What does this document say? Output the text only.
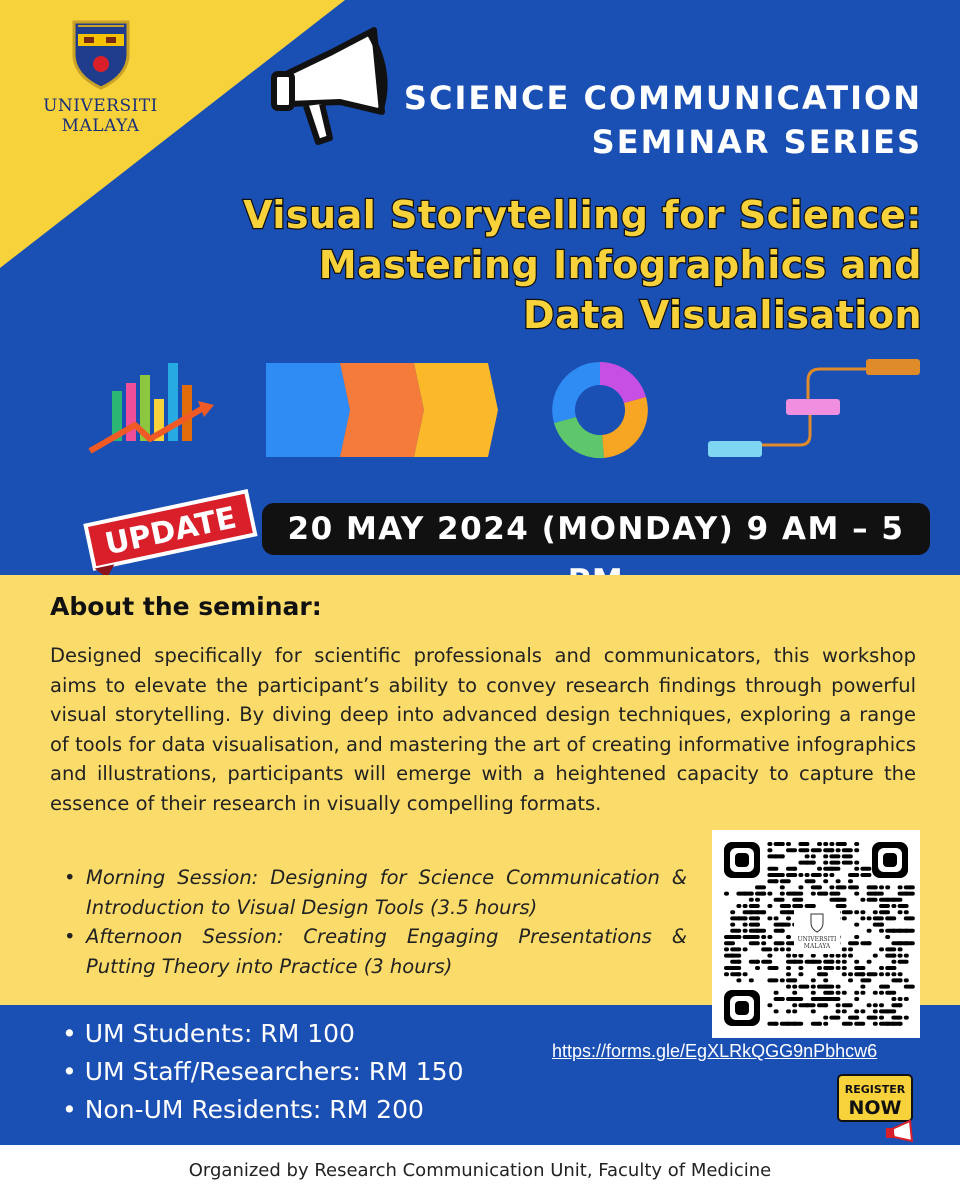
UNIVERSITI
MALAYA
SCIENCE COMMUNICATION
SEMINAR SERIES
Visual Storytelling for Science:
Mastering Infographics and
Data Visualisation
20 MAY 2024 (MONDAY) 9 AM – 5
UPDATE
About the seminar:

Designed specifically for scientific professionals and communicators, this workshop aims to elevate the participant’s ability to convey research findings through powerful visual storytelling. By diving deep into advanced design techniques, exploring a range of tools for data visualisation, and mastering the art of creating informative infographics and illustrations, participants will emerge with a heightened capacity to capture the essence of their research in visually compelling formats.

• Morning Session: Designing for Science Communication & Introduction to Visual Design Tools (3.5 hours)
• Afternoon Session: Creating Engaging Presentations & Putting Theory into Practice (3 hours)
• UM Students: RM 100
• UM Staff/Researchers: RM 150
• Non-UM Residents: RM 200
https://forms.gle/EgXLRkQGG9nPbhcw6
REGISTER
NOW
UNIVERSITI
MALAYA
Organized by Research Communication Unit, Faculty of Medicine
